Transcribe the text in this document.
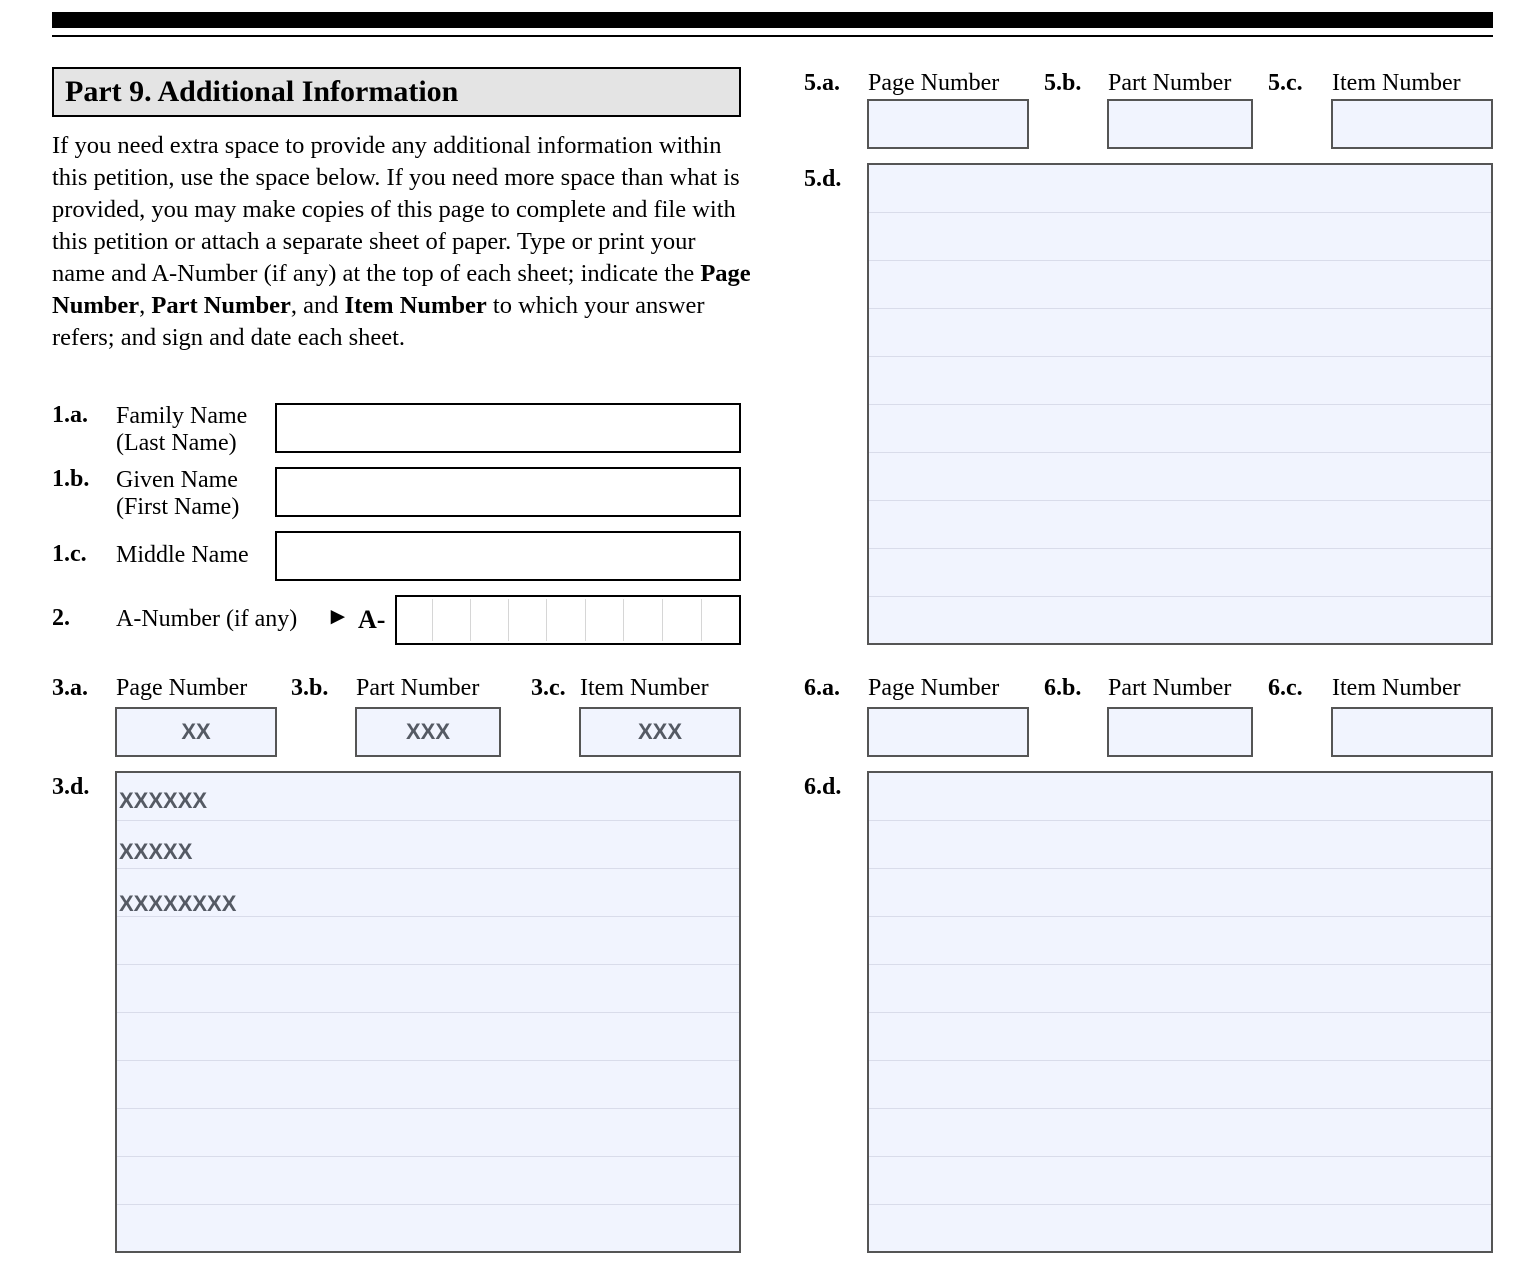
Part 9. Additional Information

If you need extra space to provide any additional information within this petition, use the space below. If you need more space than what is provided, you may make copies of this page to complete and file with this petition or attach a separate sheet of paper. Type or print your name and A-Number (if any) at the top of each sheet; indicate the Page Number, Part Number, and Item Number to which your answer refers; and sign and date each sheet.

1.a. Family Name
(Last Name)
1.b. Given Name
(First Name)
1.c. Middle Name
2. A-Number (if any) ► A-
3.a. Page Number 3.b. Part Number 3.c. Item Number
XX	XXX	XXX
3.d.
XXXXXX
XXXXX
XXXXXXXX
5.a. Page Number 5.b. Part Number 5.c. Item Number
5.d.
6.a. Page Number 6.b. Part Number 6.c. Item Number
6.d.
